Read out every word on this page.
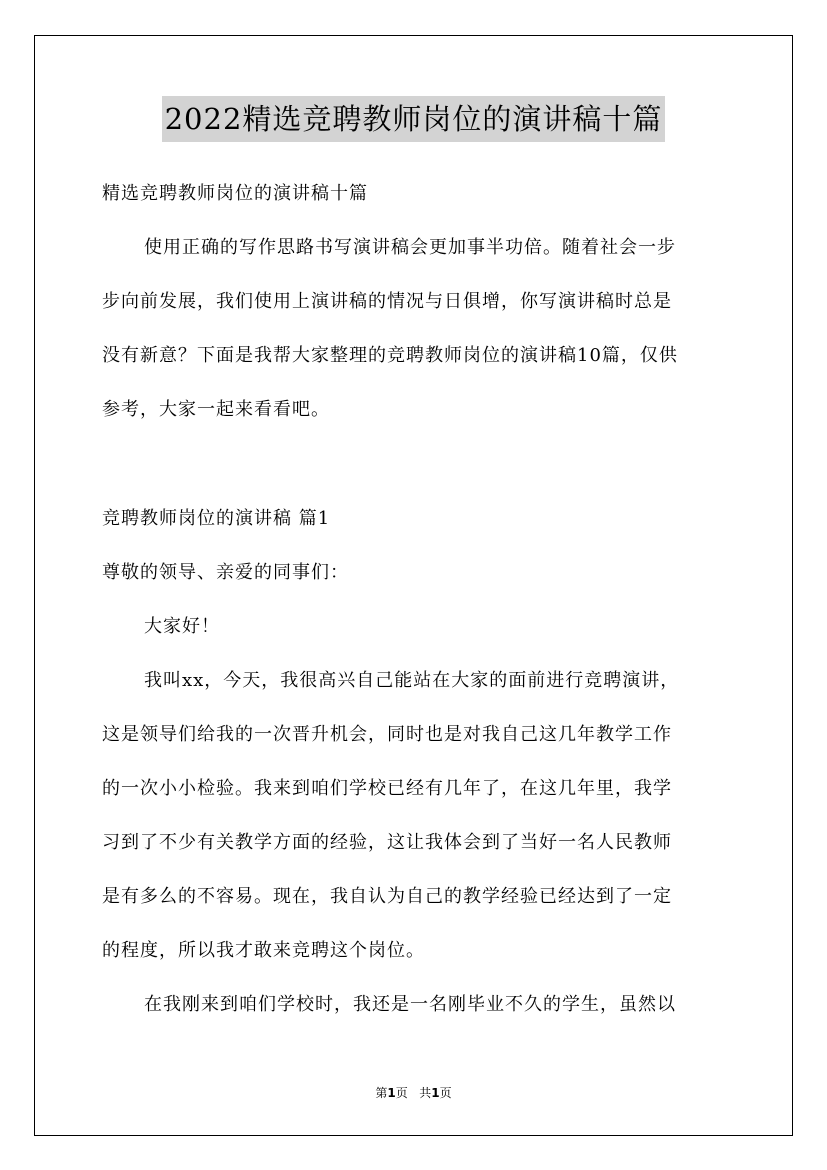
2022精选竞聘教师岗位的演讲稿十篇
精选竞聘教师岗位的演讲稿十篇
使用正确的写作思路书写演讲稿会更加事半功倍。随着社会一步
步向前发展，我们使用上演讲稿的情况与日俱增，你写演讲稿时总是
没有新意？下面是我帮大家整理的竞聘教师岗位的演讲稿10篇，仅供
参考，大家一起来看看吧。
竞聘教师岗位的演讲稿 篇1
尊敬的领导、亲爱的同事们：
大家好！
我叫xx，今天，我很高兴自己能站在大家的面前进行竞聘演讲，
这是领导们给我的一次晋升机会，同时也是对我自己这几年教学工作
的一次小小检验。我来到咱们学校已经有几年了，在这几年里，我学
习到了不少有关教学方面的经验，这让我体会到了当好一名人民教师
是有多么的不容易。现在，我自认为自己的教学经验已经达到了一定
的程度，所以我才敢来竞聘这个岗位。
在我刚来到咱们学校时，我还是一名刚毕业不久的学生，虽然以
第1页 共1页
